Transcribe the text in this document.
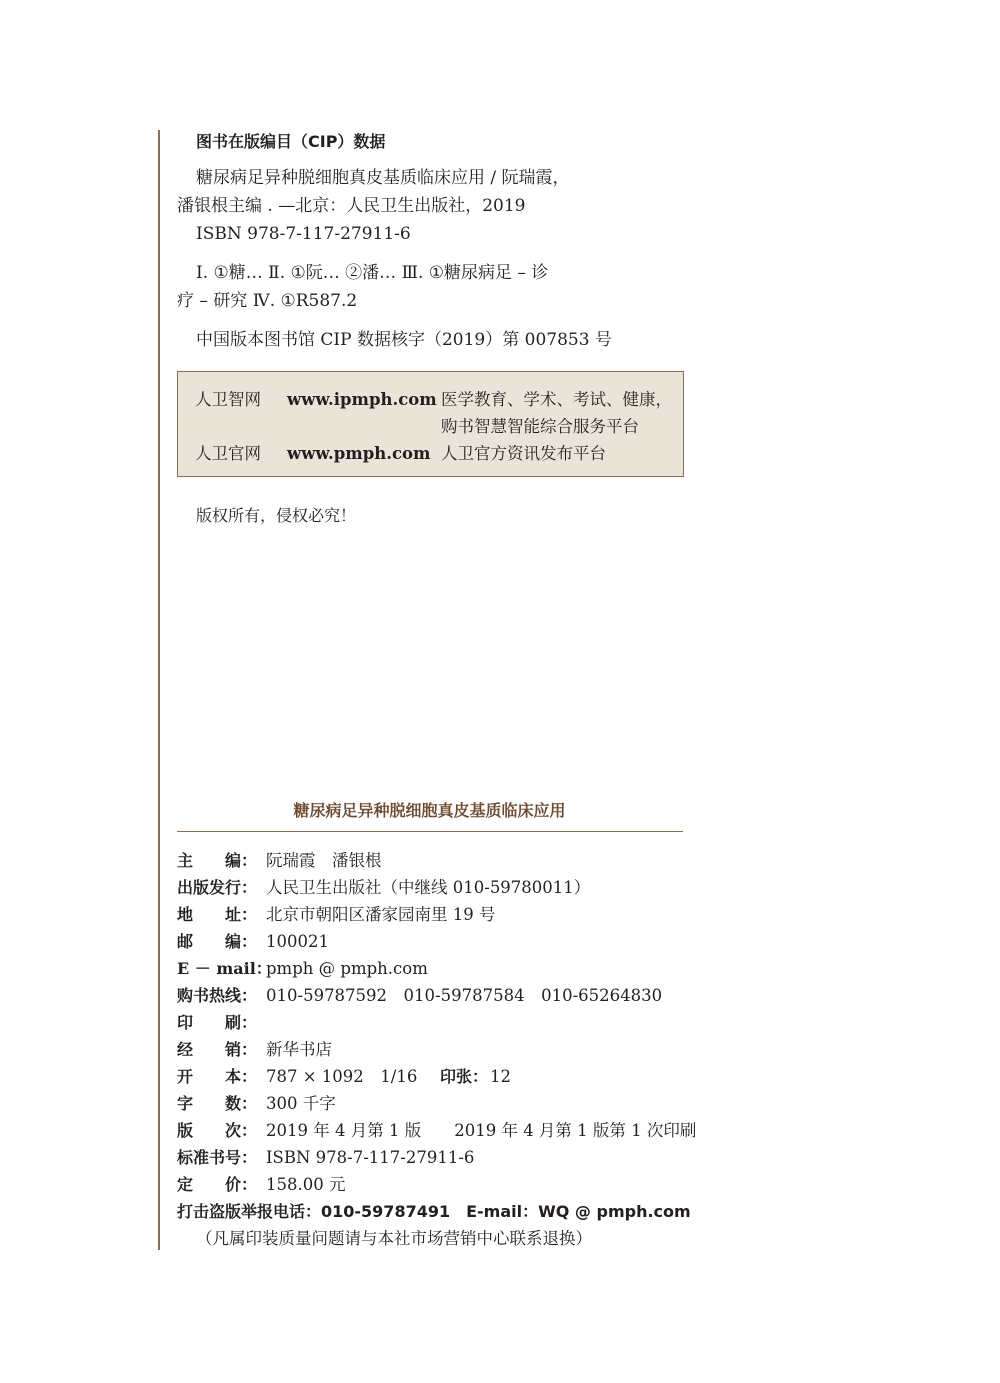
图书在版编目（CIP）数据
糖尿病足异种脱细胞真皮基质临床应用 / 阮瑞霞，
潘银根主编 . —北京：人民卫生出版社，2019
ISBN 978-7-117-27911-6
Ⅰ. ①糖… Ⅱ. ①阮… ②潘… Ⅲ. ①糖尿病足 – 诊
疗 – 研究 Ⅳ. ①R587.2
中国版本图书馆 CIP 数据核字（2019）第 007853 号
人卫智网 www.ipmph.com 医学教育、学术、考试、健康，
购书智慧智能综合服务平台
人卫官网 www.pmph.com 人卫官方资讯发布平台
版权所有，侵权必究！
糖尿病足异种脱细胞真皮基质临床应用
主　　编： 阮瑞霞　潘银根
出版发行： 人民卫生出版社（中继线 010-59780011）
地　　址： 北京市朝阳区潘家园南里 19 号
邮　　编： 100021
E － mail：
pmph @ pmph.com
购书热线： 010-59787592　010-59787584　010-65264830
印　　刷：
经　　销： 新华书店
开　　本： 787 × 1092　1/16 印张： 12
字　　数： 300 千字
版　　次： 2019 年 4 月第 1 版　　2019 年 4 月第 1 版第 1 次印刷
标准书号： ISBN 978-7-117-27911-6
定　　价： 158.00 元
打击盗版举报电话：010-59787491　E-mail：WQ @ pmph.com
（凡属印装质量问题请与本社市场营销中心联系退换）
